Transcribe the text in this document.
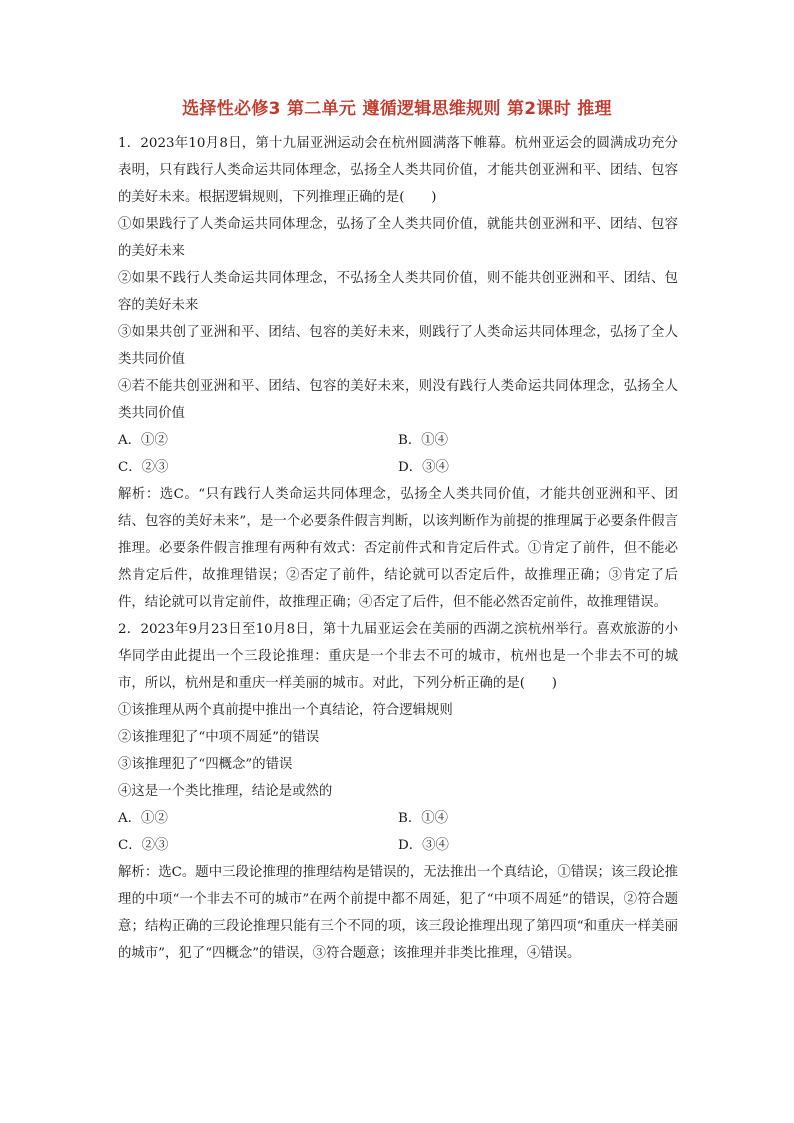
选择性必修3 第二单元 遵循逻辑思维规则 第2课时 推理

1．2023年10月8日，第十九届亚洲运动会在杭州圆满落下帷幕。杭州亚运会的圆满成功充分表明，只有践行人类命运共同体理念，弘扬全人类共同价值，才能共创亚洲和平、团结、包容的美好未来。根据逻辑规则，下列推理正确的是(　　)

①如果践行了人类命运共同体理念，弘扬了全人类共同价值，就能共创亚洲和平、团结、包容的美好未来

②如果不践行人类命运共同体理念，不弘扬全人类共同价值，则不能共创亚洲和平、团结、包容的美好未来

③如果共创了亚洲和平、团结、包容的美好未来，则践行了人类命运共同体理念，弘扬了全人类共同价值

④若不能共创亚洲和平、团结、包容的美好未来，则没有践行人类命运共同体理念，弘扬全人类共同价值

A．①②	B．①④
C．②③	D．③④

解析：选C。“只有践行人类命运共同体理念，弘扬全人类共同价值，才能共创亚洲和平、团结、包容的美好未来”，是一个必要条件假言判断，以该判断作为前提的推理属于必要条件假言推理。必要条件假言推理有两种有效式：否定前件式和肯定后件式。①肯定了前件，但不能必然肯定后件，故推理错误；②否定了前件，结论就可以否定后件，故推理正确；③肯定了后件，结论就可以肯定前件，故推理正确；④否定了后件，但不能必然否定前件，故推理错误。

2．2023年9月23日至10月8日，第十九届亚运会在美丽的西湖之滨杭州举行。喜欢旅游的小华同学由此提出一个三段论推理：重庆是一个非去不可的城市，杭州也是一个非去不可的城市，所以，杭州是和重庆一样美丽的城市。对此，下列分析正确的是(　　)

①该推理从两个真前提中推出一个真结论，符合逻辑规则

②该推理犯了“中项不周延”的错误

③该推理犯了“四概念”的错误

④这是一个类比推理，结论是或然的

A．①②	B．①④
C．②③	D．③④

解析：选C。题中三段论推理的推理结构是错误的，无法推出一个真结论，①错误；该三段论推理的中项“一个非去不可的城市”在两个前提中都不周延，犯了“中项不周延”的错误，②符合题意；结构正确的三段论推理只能有三个不同的项，该三段论推理出现了第四项“和重庆一样美丽的城市”，犯了“四概念”的错误，③符合题意；该推理并非类比推理，④错误。
